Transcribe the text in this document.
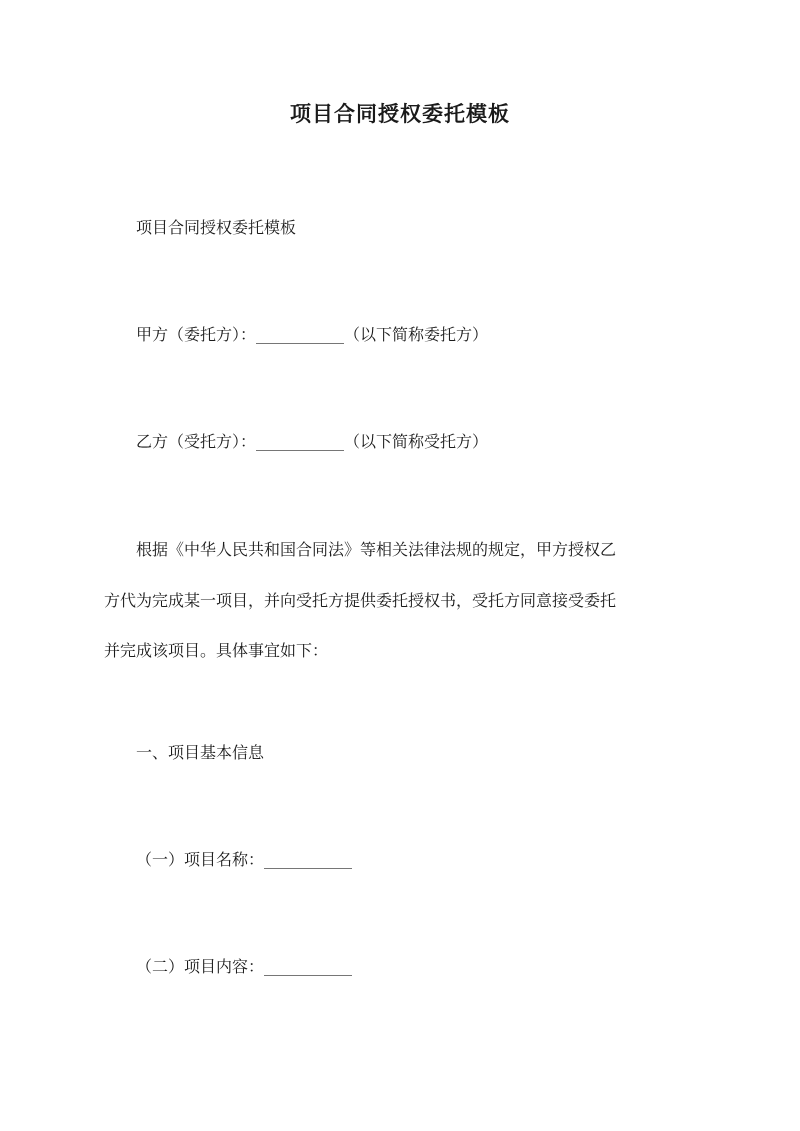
项目合同授权委托模板
项目合同授权委托模板
甲方（委托方）：___________（以下简称委托方）
乙方（受托方）：___________（以下简称受托方）
根据《中华人民共和国合同法》等相关法律法规的规定，甲方授权乙
方代为完成某一项目，并向受托方提供委托授权书，受托方同意接受委托
并完成该项目。具体事宜如下：
一、项目基本信息
（一）项目名称：___________
（二）项目内容：___________
